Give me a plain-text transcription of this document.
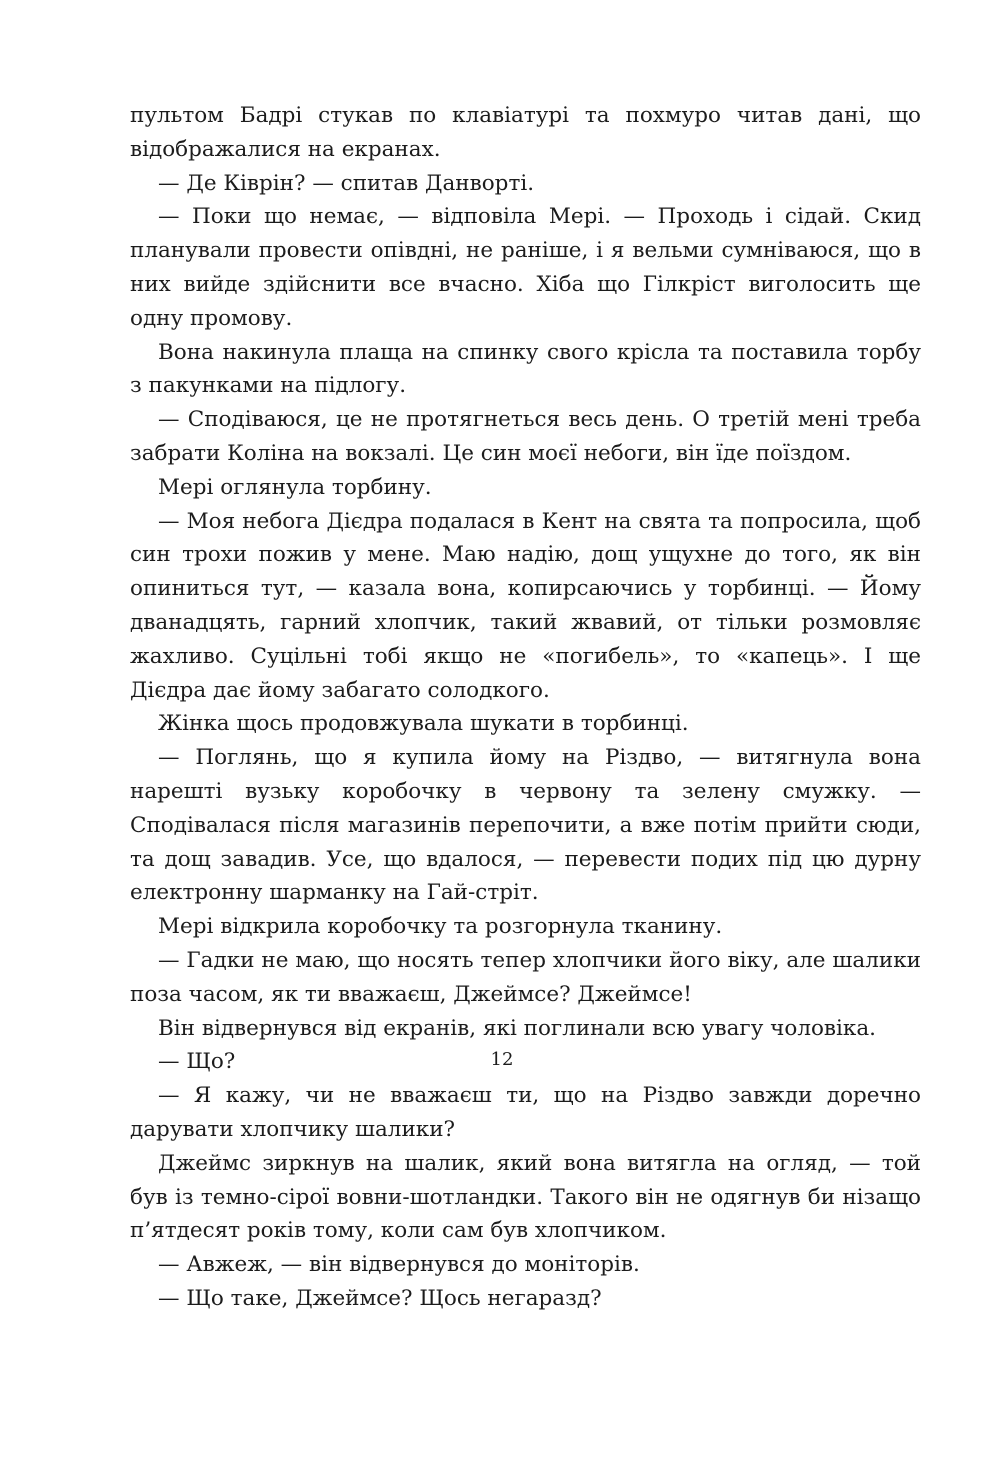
пультом Бадрі стукав по клавіатурі та похмуро читав дані, що відображалися на екранах.

— Де Ківрін? — спитав Данворті.

— Поки що немає, — відповіла Мері. — Проходь і сідай. Скид планували провести опівдні, не раніше, і я вельми сумніваюся, що в них вийде здійснити все вчасно. Хіба що Гілкріст виголосить ще одну промову.

Вона накинула плаща на спинку свого крісла та поставила торбу з пакунками на підлогу.

— Сподіваюся, це не протягнеться весь день. О третій мені треба забрати Коліна на вокзалі. Це син моєї небоги, він їде поїздом.

Мері оглянула торбину.

— Моя небога Дієдра подалася в Кент на свята та попросила, щоб син трохи пожив у мене. Маю надію, дощ ущухне до того, як він опиниться тут, — казала вона, копирсаючись у торбинці. — Йому дванадцять, гарний хлопчик, такий жвавий, от тільки розмовляє жахливо. Суцільні тобі якщо не «погибель», то «капець». І ще Дієдра дає йому забагато солодкого.

Жінка щось продовжувала шукати в торбинці.

— Поглянь, що я купила йому на Різдво, — витягнула вона нарешті вузьку коробочку в червону та зелену смужку. — Сподівалася після магазинів перепочити, а вже потім прийти сюди, та дощ завадив. Усе, що вдалося, — перевести подих під цю дурну електронну шарманку на Гай-стріт.

Мері відкрила коробочку та розгорнула тканину.

— Гадки не маю, що носять тепер хлопчики його віку, але шалики поза часом, як ти вважаєш, Джеймсе? Джеймсе!

Він відвернувся від екранів, які поглинали всю увагу чоловіка.

— Що?

— Я кажу, чи не вважаєш ти, що на Різдво завжди доречно дарувати хлопчику шалики?

Джеймс зиркнув на шалик, який вона витягла на огляд, — той був із темно-сірої вовни-шотландки. Такого він не одягнув би нізащо п’ятдесят років тому, коли сам був хлопчиком.

— Авжеж, — він відвернувся до моніторів.

— Що таке, Джеймсе? Щось негаразд?

12
